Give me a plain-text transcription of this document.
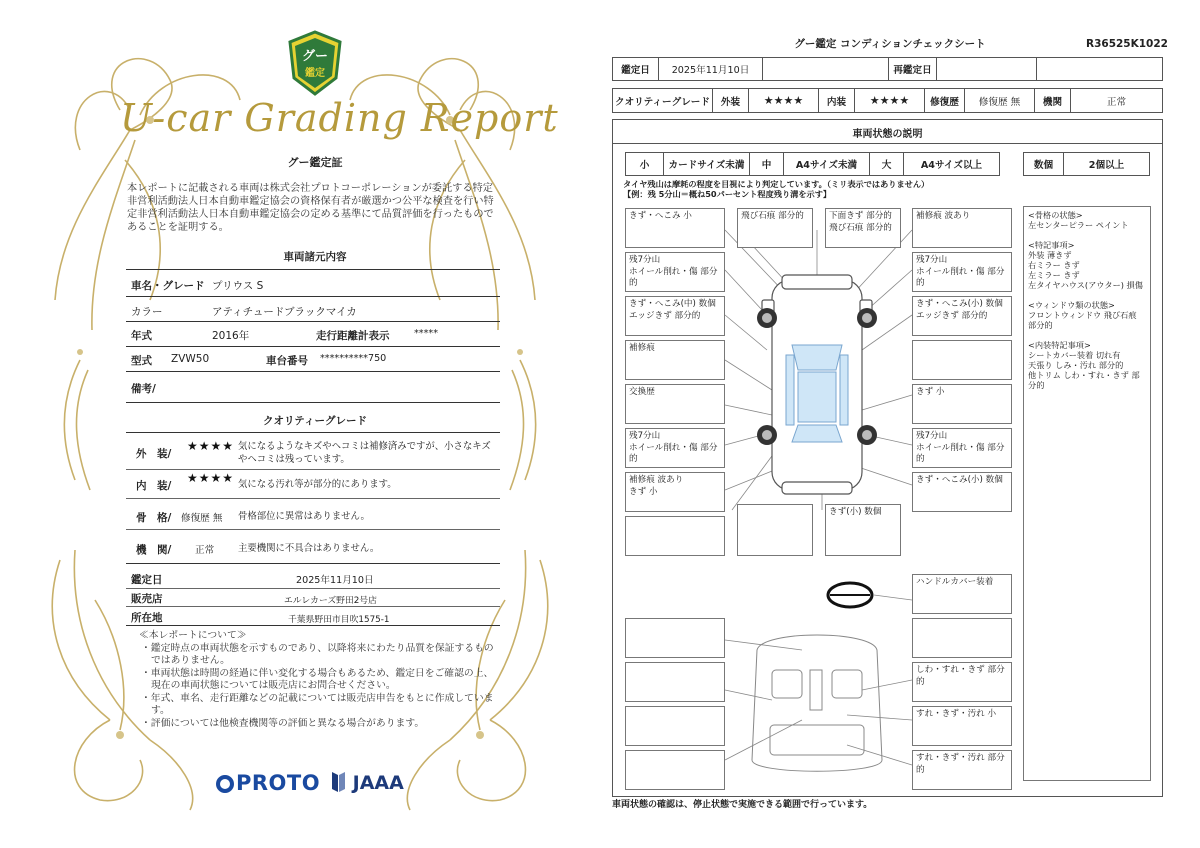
グー
鑑定
U-car Grading Report
グー鑑定証
本レポートに記載される車両は株式会社プロトコーポレーションが委託する特定非営利活動法人日本自動車鑑定協会の資格保有者が厳選かつ公平な検査を行い特定非営利活動法人日本自動車鑑定協会の定める基準にて品質評価を行ったものであることを証明する。
車両諸元内容
車名・グレード プリウス S
カラー	アティチュードブラックマイカ
年式	2016年	走行距離計表示	*****
型式 ZVW50	車台番号 **********750
備考/
クオリティーグレード
外　装/
★★★★ 気になるようなキズやヘコミは補修済みですが、小さなキズやヘコミは残っています。
内　装/
★★★★ 気になる汚れ等が部分的にあります。
骨　格/ 修復歴 無 骨格部位に異常はありません。
機　関/ 正常	主要機関に不具合はありません。
鑑定日	2025年11月10日
販売店	エルレカーズ野田2号店
所在地	千葉県野田市目吹1575-1
≪本レポートについて≫
・鑑定時点の車両状態を示すものであり、以降将来にわたり品質を保証するものではありません。
・車両状態は時間の経過に伴い変化する場合もあるため、鑑定日をご確認の上、現在の車両状態については販売店にお問合せください。
・年式、車名、走行距離などの記載については販売店申告をもとに作成しています。
・評価については他検査機関等の評価と異なる場合があります。
PROTO	JAAA
グー鑑定 コンディションチェックシート	R36525K1022
鑑定日	2025年11月10日		再鑑定日		
クオリティーグレード	外装	★★★★	内装	★★★★	修復歴	修復歴 無	機関	正常
車両状態の説明
小	カードサイズ未満	中	A4サイズ未満	大	A4サイズ以上	数個	2個以上
タイヤ残山は摩耗の程度を目視により判定しています。（ミリ表示ではありません）
【例：残 5分山＝概ね50パーセント程度残り溝を示す】
きず・へこみ 小	飛び石痕 部分的	下面きず 部分的
飛び石痕 部分的
補修痕 波あり
残7分山
ホイール削れ・傷 部分的
残7分山
ホイール削れ・傷 部分的
きず・へこみ(中) 数個
エッジきず 部分的
きず・へこみ(小) 数個
エッジきず 部分的
補修痕
交換歴	きず 小
残7分山
ホイール削れ・傷 部分的
残7分山
ホイール削れ・傷 部分的
補修痕 波あり
きず 小
きず・へこみ(小) 数個
きず(小) 数個
ハンドルカバー装着
しわ・すれ・きず 部分的
すれ・きず・汚れ 小
すれ・きず・汚れ 部分的

<骨格の状態>
左センターピラー ペイント

<特記事項>
外装 薄きず
右ミラー きず
左ミラー きず
左タイヤハウス(アウター) 損傷

<ウィンドウ類の状態>
フロントウィンドウ 飛び石痕 部分的

<内装特記事項>
シートカバー装着 切れ有
天張り しみ・汚れ 部分的
他トリム しわ・すれ・きず 部分的

車両状態の確認は、停止状態で実施できる範囲で行っています。
